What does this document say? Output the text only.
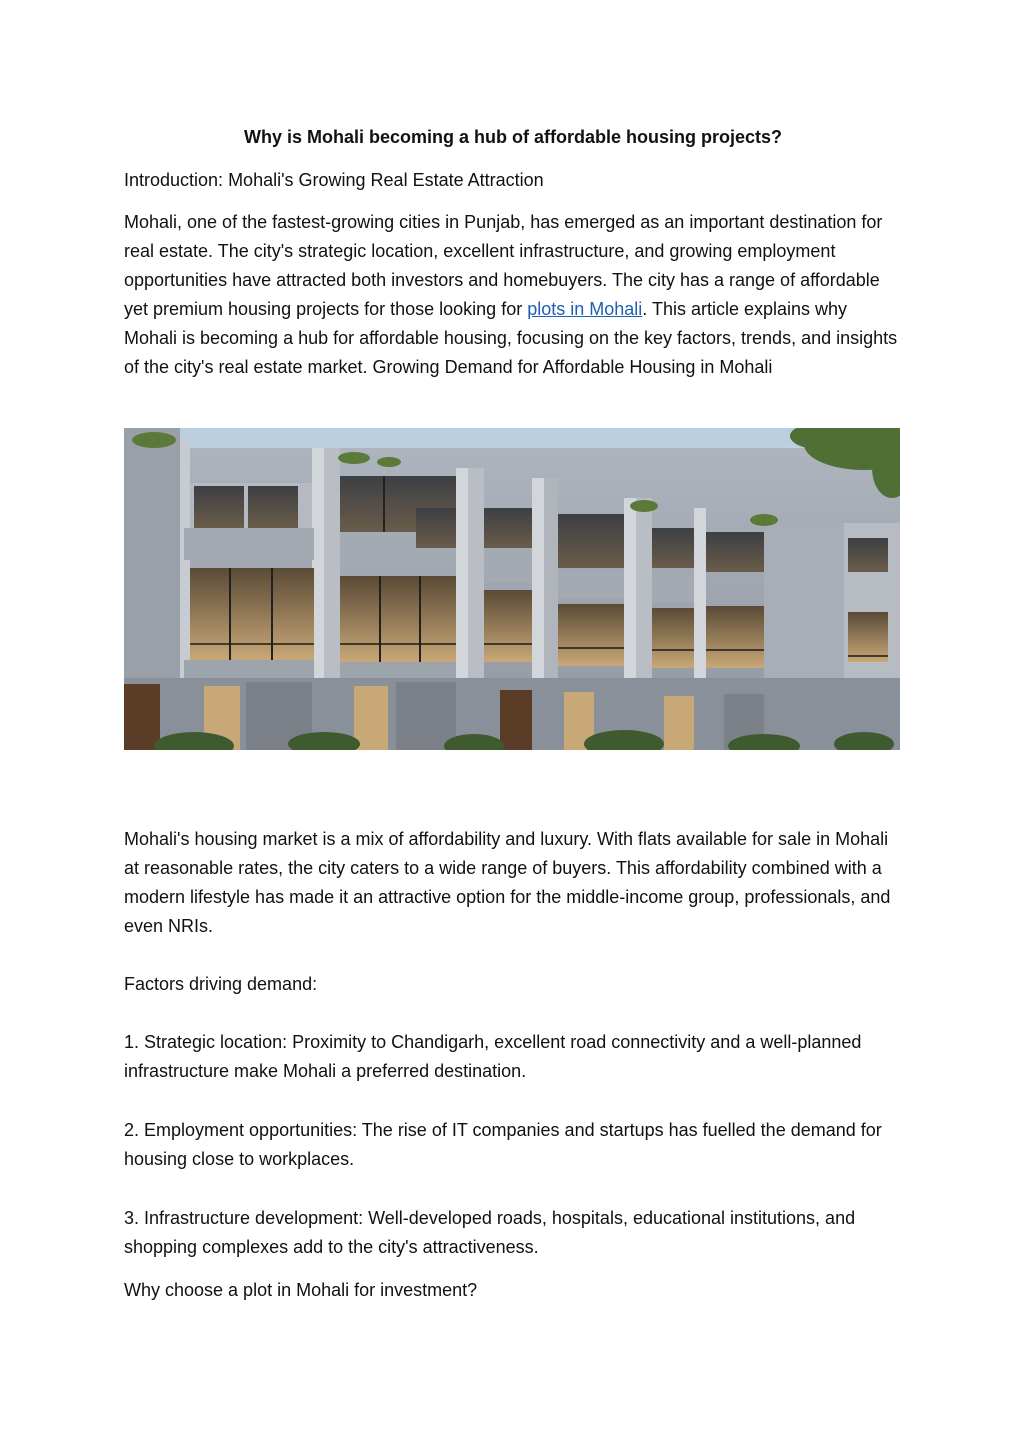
Why is Mohali becoming a hub of affordable housing projects?

Introduction: Mohali's Growing Real Estate Attraction

Mohali, one of the fastest-growing cities in Punjab, has emerged as an important destination for real estate. The city's strategic location, excellent infrastructure, and growing employment opportunities have attracted both investors and homebuyers. The city has a range of affordable yet premium housing projects for those looking for plots in Mohali. This article explains why Mohali is becoming a hub for affordable housing, focusing on the key factors, trends, and insights of the city's real estate market. Growing Demand for Affordable Housing in Mohali

Mohali's housing market is a mix of affordability and luxury. With flats available for sale in Mohali at reasonable rates, the city caters to a wide range of buyers. This affordability combined with a modern lifestyle has made it an attractive option for the middle-income group, professionals, and even NRIs.

Factors driving demand:

1. Strategic location: Proximity to Chandigarh, excellent road connectivity and a well-planned infrastructure make Mohali a preferred destination.

2. Employment opportunities: The rise of IT companies and startups has fuelled the demand for housing close to workplaces.

3. Infrastructure development: Well-developed roads, hospitals, educational institutions, and shopping complexes add to the city's attractiveness.

Why choose a plot in Mohali for investment?
